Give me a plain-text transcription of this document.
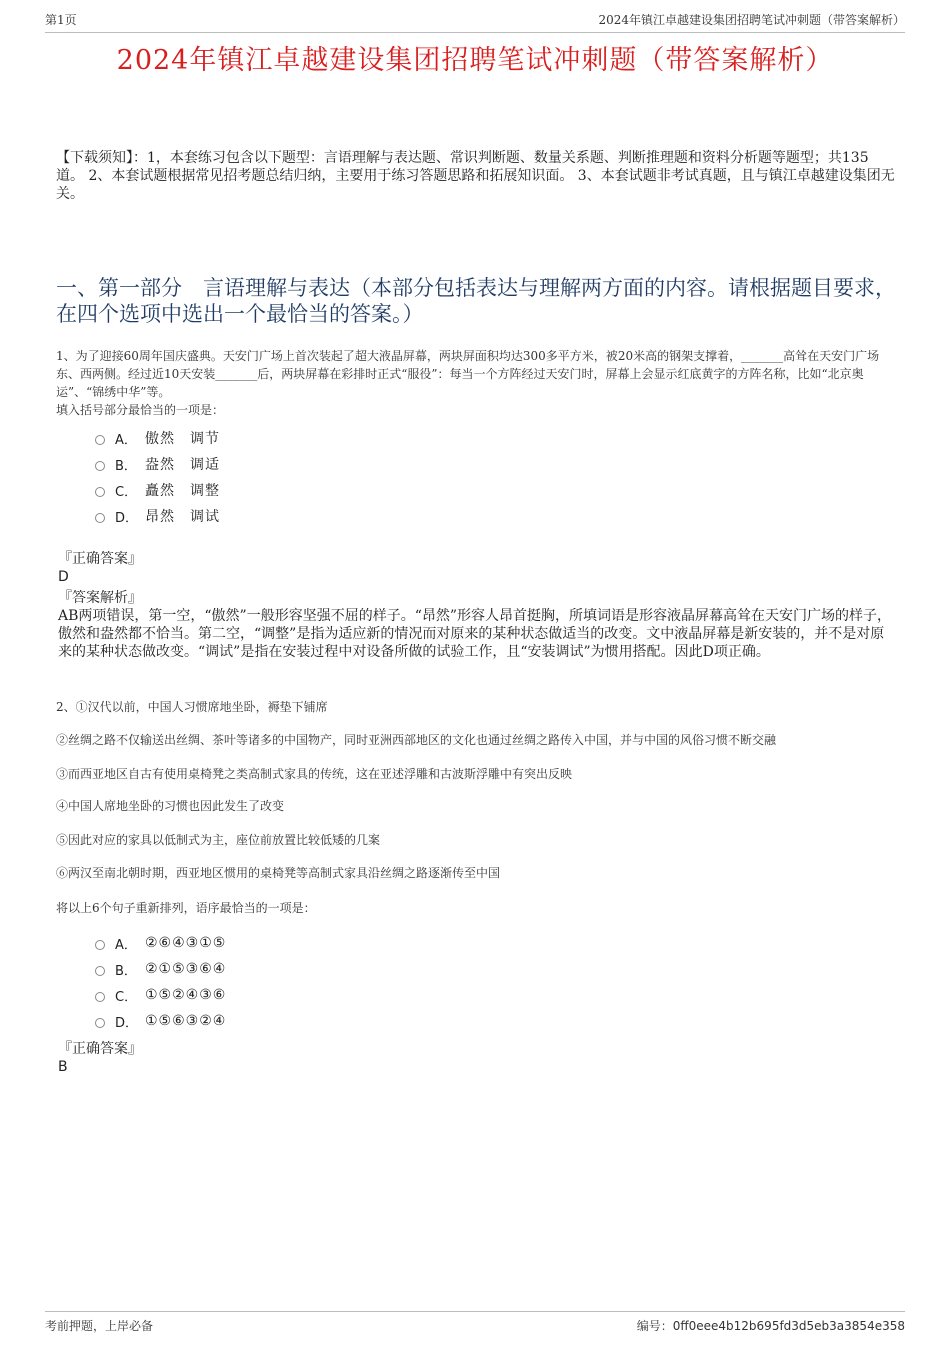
第1页	2024年镇江卓越建设集团招聘笔试冲刺题（带答案解析）
2024年镇江卓越建设集团招聘笔试冲刺题（带答案解析）
【下载须知】：1，本套练习包含以下题型：言语理解与表达题、常识判断题、数量关系题、判断推理题和资料分析题等题型；共135道。 2、本套试题根据常见招考题总结归纳，主要用于练习答题思路和拓展知识面。 3、本套试题非考试真题，且与镇江卓越建设集团无关。
一、第一部分　言语理解与表达（本部分包括表达与理解两方面的内容。请根据题目要求，在四个选项中选出一个最恰当的答案。）
1、为了迎接60周年国庆盛典。天安门广场上首次装起了超大液晶屏幕，两块屏面积均达300多平方米，被20米高的钢架支撑着，_______高耸在天安门广场东、西两侧。经过近10天安装_______后，两块屏幕在彩排时正式“服役”：每当一个方阵经过天安门时，屏幕上会显示红底黄字的方阵名称，比如“北京奥运”、“锦绣中华”等。
填入括号部分最恰当的一项是：
A． 傲然　调节
B． 盎然　调适
C． 矗然　调整
D． 昂然　调试
『正确答案』
D
『答案解析』
AB两项错误，第一空，“傲然”一般形容坚强不屈的样子。“昂然”形容人昂首挺胸，所填词语是形容液晶屏幕高耸在天安门广场的样子，傲然和盎然都不恰当。第二空，“调整”是指为适应新的情况而对原来的某种状态做适当的改变。文中液晶屏幕是新安装的，并不是对原来的某种状态做改变。“调试”是指在安装过程中对设备所做的试验工作，且“安装调试”为惯用搭配。因此D项正确。
2、①汉代以前，中国人习惯席地坐卧，褥垫下铺席
②丝绸之路不仅输送出丝绸、茶叶等诸多的中国物产，同时亚洲西部地区的文化也通过丝绸之路传入中国，并与中国的风俗习惯不断交融
③而西亚地区自古有使用桌椅凳之类高制式家具的传统，这在亚述浮雕和古波斯浮雕中有突出反映
④中国人席地坐卧的习惯也因此发生了改变
⑤因此对应的家具以低制式为主，座位前放置比较低矮的几案
⑥两汉至南北朝时期，西亚地区惯用的桌椅凳等高制式家具沿丝绸之路逐渐传至中国
将以上6个句子重新排列，语序最恰当的一项是：
A． ②⑥④③①⑤
B． ②①⑤③⑥④
C． ①⑤②④③⑥
D． ①⑤⑥③②④
『正确答案』
B
考前押题，上岸必备	编号：0ff0eee4b12b695fd3d5eb3a3854e358
